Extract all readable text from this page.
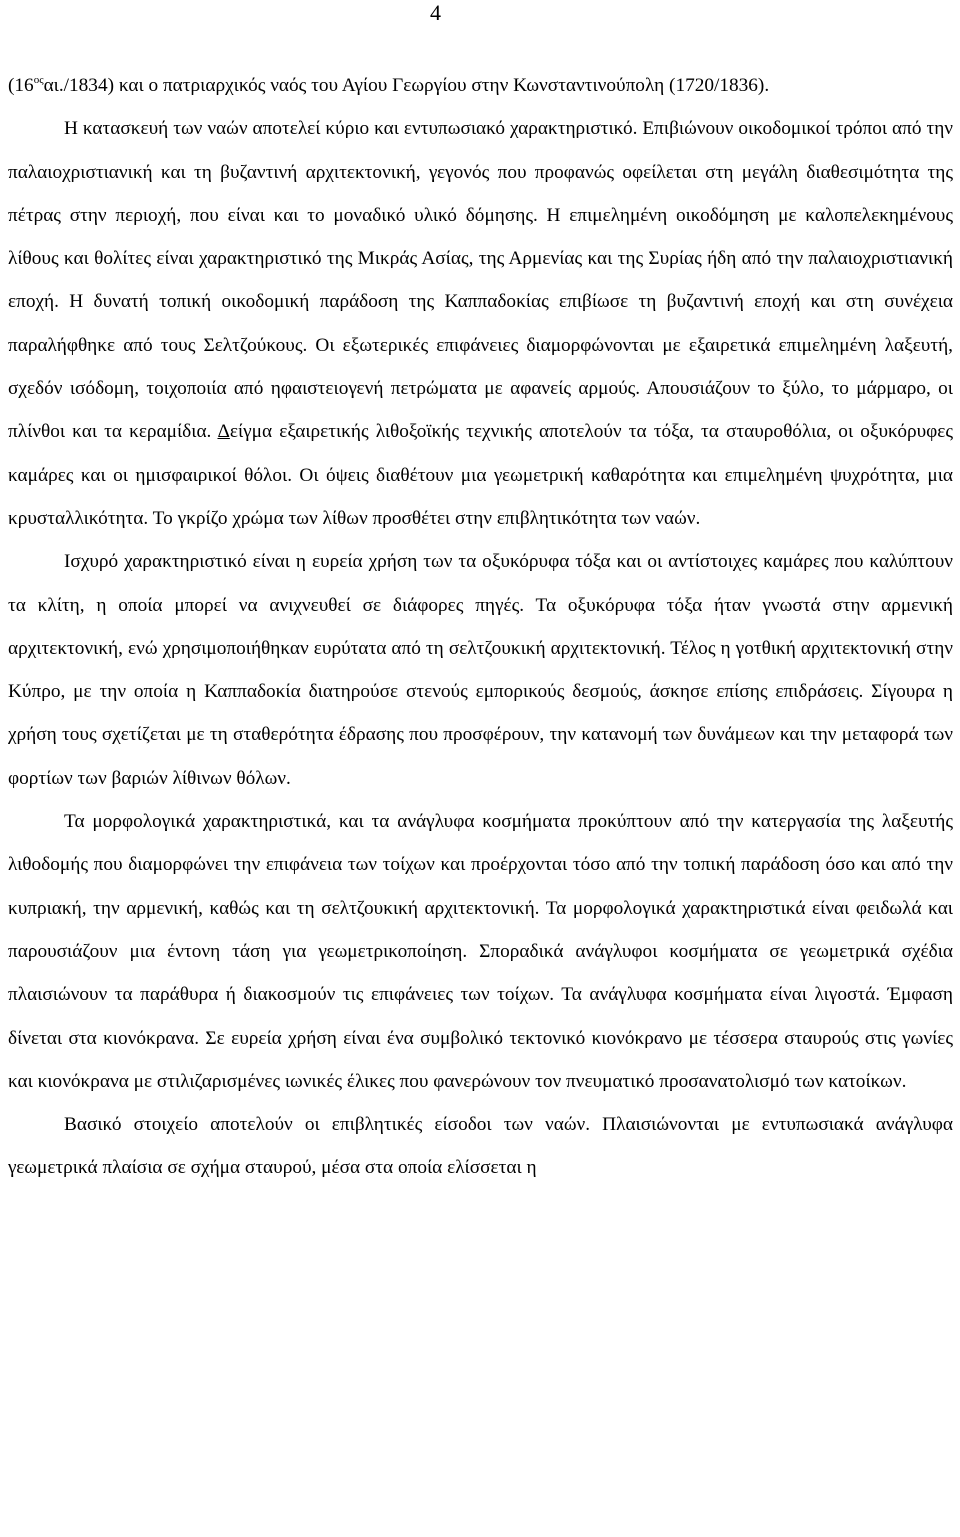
4

$(16^{o\varsigma}\alpha\iota./1834)$ και ο πατριαρχικός ναός του Αγίου Γεωργίου στην Κωνσταντινούπολη (1720/1836).

Η κατασκευή των ναών αποτελεί κύριο και εντυπωσιακό χαρακτηριστικό. Επιβιώνουν οικοδομικοί τρόποι από την παλαιοχριστιανική και τη βυζαντινή αρχιτεκτονική, γεγονός που προφανώς οφείλεται στη μεγάλη διαθεσιμότητα της πέτρας στην περιοχή, που είναι και το μοναδικό υλικό δόμησης. Η επιμελημένη οικοδόμηση με καλοπελεκημένους λίθους και θολίτες είναι χαρακτηριστικό της Μικράς Ασίας, της Αρμενίας και της Συρίας ήδη από την παλαιοχριστιανική εποχή. Η δυνατή τοπική οικοδομική παράδοση της Καππαδοκίας επιβίωσε τη βυζαντινή εποχή και στη συνέχεια παραλήφθηκε από τους Σελτζούκους. Οι εξωτερικές επιφάνειες διαμορφώνονται με εξαιρετικά επιμελημένη λαξευτή, σχεδόν ισόδομη, τοιχοποιία από ηφαιστειογενή πετρώματα με αφανείς αρμούς. Απουσιάζουν το ξύλο, το μάρμαρο, οι πλίνθοι και τα κεραμίδια. Δείγμα εξαιρετικής λιθοξοϊκής τεχνικής αποτελούν τα τόξα, τα σταυροθόλια, οι οξυκόρυφες καμάρες και οι ημισφαιρικοί θόλοι. Οι όψεις διαθέτουν μια γεωμετρική καθαρότητα και επιμελημένη ψυχρότητα, μια κρυσταλλικότητα. Το γκρίζο χρώμα των λίθων προσθέτει στην επιβλητικότητα των ναών.

Ισχυρό χαρακτηριστικό είναι η ευρεία χρήση των τα οξυκόρυφα τόξα και οι αντίστοιχες καμάρες που καλύπτουν τα κλίτη, η οποία μπορεί να ανιχνευθεί σε διάφορες πηγές. Τα οξυκόρυφα τόξα ήταν γνωστά στην αρμενική αρχιτεκτονική, ενώ χρησιμοποιήθηκαν ευρύτατα από τη σελτζουκική αρχιτεκτονική. Τέλος η γοτθική αρχιτεκτονική στην Κύπρο, με την οποία η Καππαδοκία διατηρούσε στενούς εμπορικούς δεσμούς, άσκησε επίσης επιδράσεις. Σίγουρα η χρήση τους σχετίζεται με τη σταθερότητα έδρασης που προσφέρουν, την κατανομή των δυνάμεων και την μεταφορά των φορτίων των βαριών λίθινων θόλων.

Τα μορφολογικά χαρακτηριστικά, και τα ανάγλυφα κοσμήματα προκύπτουν από την κατεργασία της λαξευτής λιθοδομής που διαμορφώνει την επιφάνεια των τοίχων και προέρχονται τόσο από την τοπική παράδοση όσο και από την κυπριακή, την αρμενική, καθώς και τη σελτζουκική αρχιτεκτονική. Τα μορφολογικά χαρακτηριστικά είναι φειδωλά και παρουσιάζουν μια έντονη τάση για γεωμετρικοποίηση. Σποραδικά ανάγλυφοι κοσμήματα σε γεωμετρικά σχέδια πλαισιώνουν τα παράθυρα ή διακοσμούν τις επιφάνειες των τοίχων. Τα ανάγλυφα κοσμήματα είναι λιγοστά. Έμφαση δίνεται στα κιονόκρανα. Σε ευρεία χρήση είναι ένα συμβολικό τεκτονικό κιονόκρανο με τέσσερα σταυρούς στις γωνίες και κιονόκρανα με στιλιζαρισμένες ιωνικές έλικες που φανερώνουν τον πνευματικό προσανατολισμό των κατοίκων.

Βασικό στοιχείο αποτελούν οι επιβλητικές είσοδοι των ναών. Πλαισιώνονται με εντυπωσιακά ανάγλυφα γεωμετρικά πλαίσια σε σχήμα σταυρού, μέσα στα οποία ελίσσεται η
